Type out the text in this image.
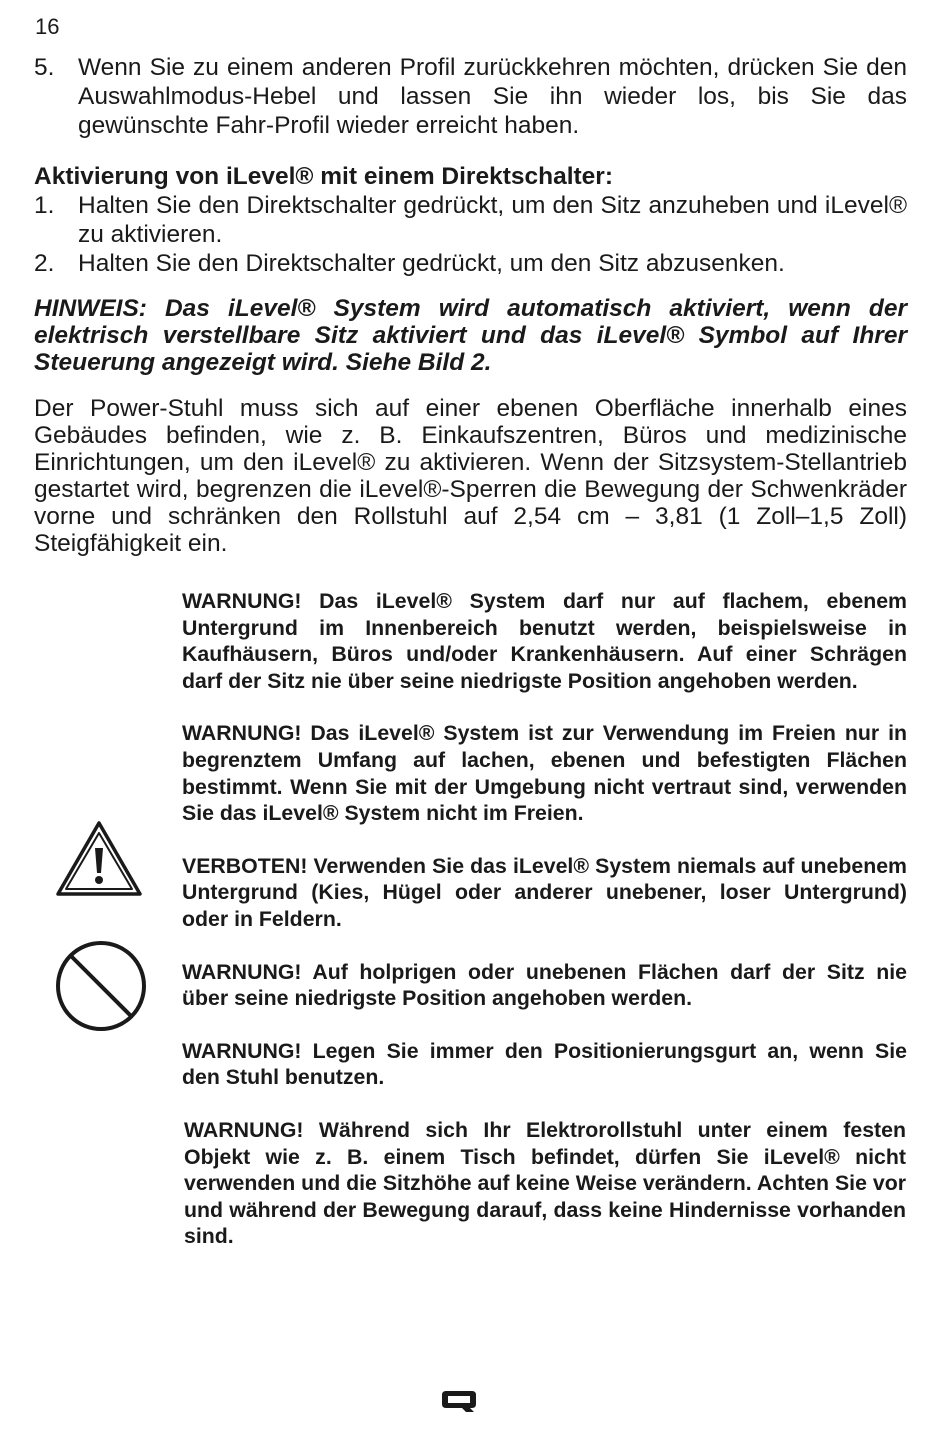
16
5. Wenn Sie zu einem anderen Profil zurückkehren möchten, drücken Sie den Auswahlmodus-Hebel und lassen Sie ihn wieder los, bis Sie das gewünschte Fahr-Profil wieder erreicht haben.
Aktivierung von iLevel® mit einem Direktschalter:
1. Halten Sie den Direktschalter gedrückt, um den Sitz anzuheben und iLevel® zu aktivieren.
2. Halten Sie den Direktschalter gedrückt, um den Sitz abzusenken.
HINWEIS: Das iLevel® System wird automatisch aktiviert, wenn der elektrisch verstellbare Sitz aktiviert und das iLevel® Symbol auf Ihrer Steuerung angezeigt wird. Siehe Bild 2.
Der Power-Stuhl muss sich auf einer ebenen Oberfläche innerhalb eines Gebäudes befinden, wie z. B. Einkaufszentren, Büros und medizinische Einrichtungen, um den iLevel® zu aktivieren. Wenn der Sitzsystem-Stellantrieb gestartet wird, begrenzen die iLevel®-Sperren die Bewegung der Schwenkräder vorne und schränken den Rollstuhl auf 2,54 cm – 3,81 (1 Zoll–1,5 Zoll) Steigfähigkeit ein.

WARNUNG! Das iLevel® System darf nur auf flachem, ebenem Untergrund im Innenbereich benutzt werden, beispielsweise in Kaufhäusern, Büros und/oder Krankenhäusern. Auf einer Schrägen darf der Sitz nie über seine niedrigste Position angehoben werden.

WARNUNG! Das iLevel® System ist zur Verwendung im Freien nur in begrenztem Umfang auf lachen, ebenen und befestigten Flächen bestimmt. Wenn Sie mit der Umgebung nicht vertraut sind, verwenden Sie das iLevel® System nicht im Freien.

VERBOTEN! Verwenden Sie das iLevel® System niemals auf unebenem Untergrund (Kies, Hügel oder anderer unebener, loser Untergrund) oder in Feldern.

WARNUNG! Auf holprigen oder unebenen Flächen darf der Sitz nie über seine niedrigste Position angehoben werden.

WARNUNG! Legen Sie immer den Positionierungsgurt an, wenn Sie den Stuhl benutzen.

WARNUNG! Während sich Ihr Elektrorollstuhl unter einem festen Objekt wie z. B. einem Tisch befindet, dürfen Sie iLevel® nicht verwenden und die Sitzhöhe auf keine Weise verändern. Achten Sie vor und während der Bewegung darauf, dass keine Hindernisse vorhanden sind.
